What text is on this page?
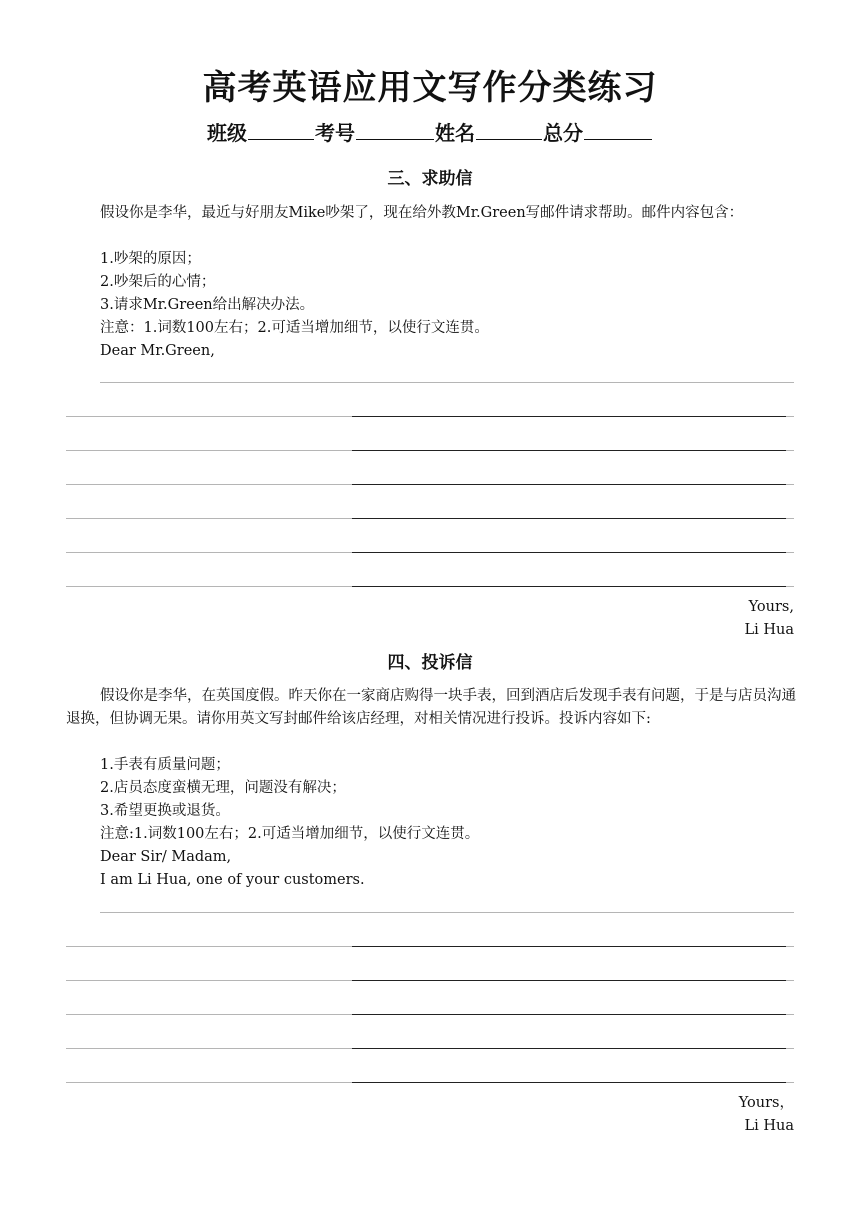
高考英语应用文写作分类练习
班级	考号	姓名	总分
三、求助信
假设你是李华，最近与好朋友Mike吵架了，现在给外教Mr.Green写邮件请求帮助。邮件内容包含：
1.吵架的原因；
2.吵架后的心情；
3.请求Mr.Green给出解决办法。
注意：1.词数100左右；2.可适当增加细节，以使行文连贯。
Dear Mr.Green,
Yours,
Li Hua
四、投诉信
假设你是李华，在英国度假。昨天你在一家商店购得一块手表，回到酒店后发现手表有问题，于是与店员沟通退换，但协调无果。请你用英文写封邮件给该店经理，对相关情况进行投诉。投诉内容如下:
1.手表有质量问题；
2.店员态度蛮横无理，问题没有解决；
3.希望更换或退货。
注意:1.词数100左右；2.可适当增加细节，以使行文连贯。
Dear Sir/ Madam,
I am Li Hua, one of your customers.
Yours，
Li Hua
